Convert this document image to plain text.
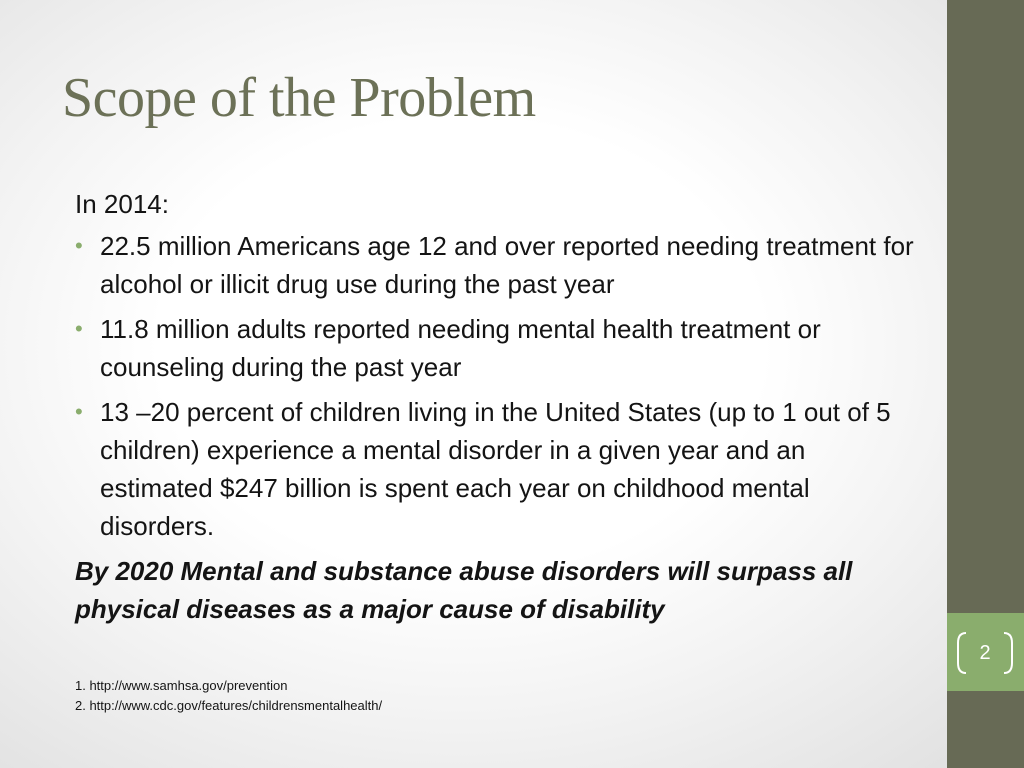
2
Scope of the Problem

In 2014:

• 22.5 million Americans age 12 and over reported needing treatment for alcohol or illicit drug use during the past year
• 11.8 million adults reported needing mental health treatment or counseling during the past year
• 13 –20 percent of children living in the United States (up to 1 out of 5 children) experience a mental disorder in a given year and an estimated $247 billion is spent each year on childhood mental disorders.

By 2020 Mental and substance abuse disorders will surpass all physical diseases as a major cause of disability

1. http://www.samhsa.gov/prevention
2. http://www.cdc.gov/features/childrensmentalhealth/
